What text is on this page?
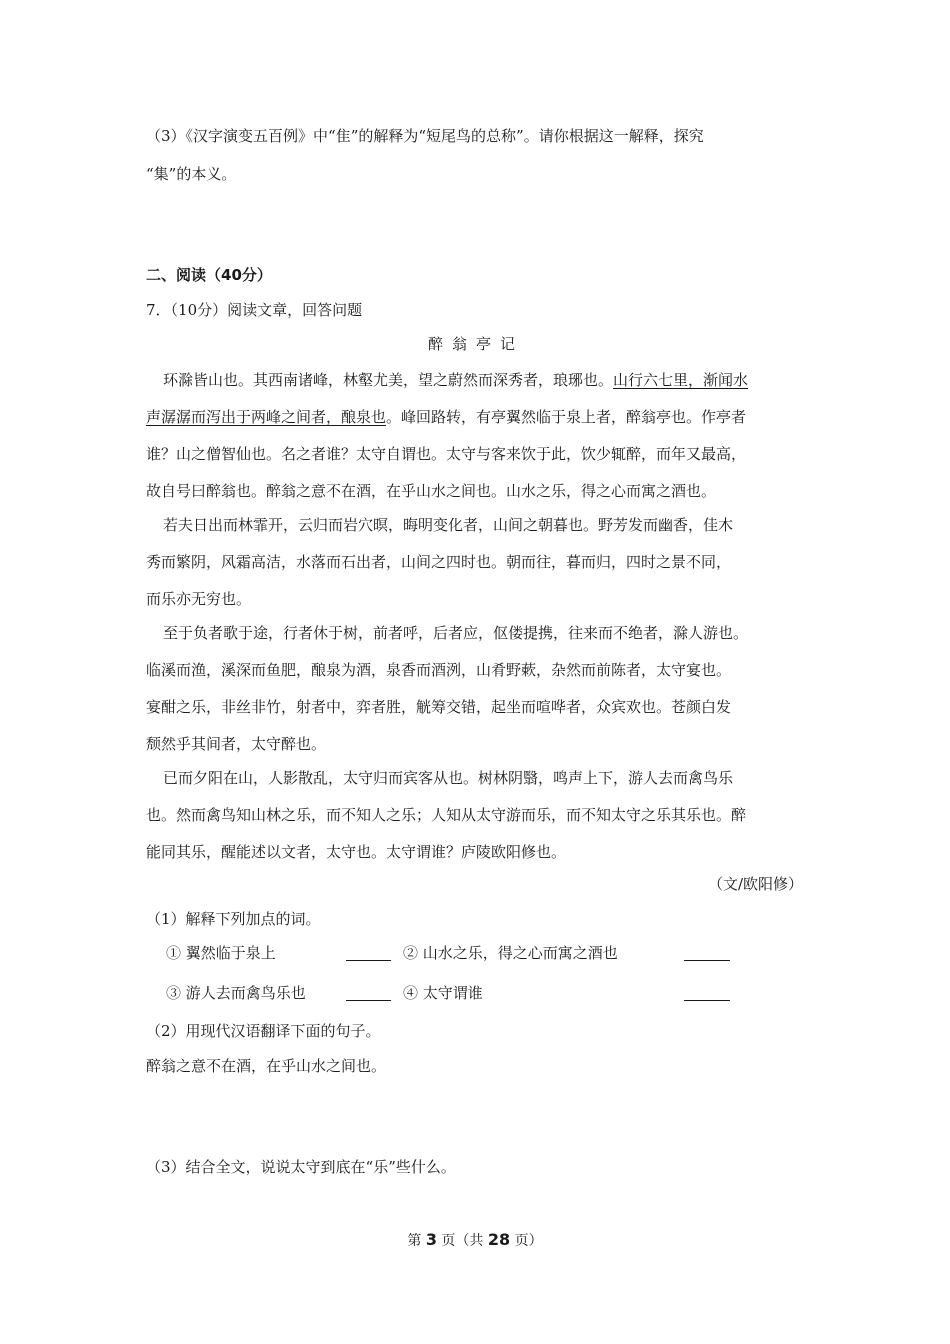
（3）《汉字演变五百例》中“隹”的解释为“短尾鸟的总称”。请你根据这一解释，探究
“集”的本义。
二、阅读（40分）
7．（10分）阅读文章，回答问题
醉翁亭记
环滁皆山也。其西南诸峰，林壑尤美，望之蔚然而深秀者，琅琊也。山行六七里，渐闻水
声潺潺而泻出于两峰之间者，酿泉也。峰回路转，有亭翼然临于泉上者，醉翁亭也。作亭者
谁？山之僧智仙也。名之者谁？太守自谓也。太守与客来饮于此，饮少辄醉，而年又最高，
故自号曰醉翁也。醉翁之意不在酒，在乎山水之间也。山水之乐，得之心而寓之酒也。
若夫日出而林霏开，云归而岩穴暝，晦明变化者，山间之朝暮也。野芳发而幽香，佳木
秀而繁阴，风霜高洁，水落而石出者，山间之四时也。朝而往，暮而归，四时之景不同，
而乐亦无穷也。
至于负者歌于途，行者休于树，前者呼，后者应，伛偻提携，往来而不绝者，滁人游也。
临溪而渔，溪深而鱼肥，酿泉为酒，泉香而酒洌，山肴野蔌，杂然而前陈者，太守宴也。
宴酣之乐，非丝非竹，射者中，弈者胜，觥筹交错，起坐而喧哗者，众宾欢也。苍颜白发
颓然乎其间者，太守醉也。
已而夕阳在山，人影散乱，太守归而宾客从也。树林阴翳，鸣声上下，游人去而禽鸟乐
也。然而禽鸟知山林之乐，而不知人之乐；人知从太守游而乐，而不知太守之乐其乐也。醉
能同其乐，醒能述以文者，太守也。太守谓谁？庐陵欧阳修也。
（文/欧阳修）
（1）解释下列加点的词。
① 翼然临于泉上	② 山水之乐，得之心而寓之酒也
③ 游人去而禽鸟乐也	④ 太守谓谁
（2）用现代汉语翻译下面的句子。
醉翁之意不在酒，在乎山水之间也。
（3）结合全文，说说太守到底在“乐”些什么。
第 3 页（共 28 页）
